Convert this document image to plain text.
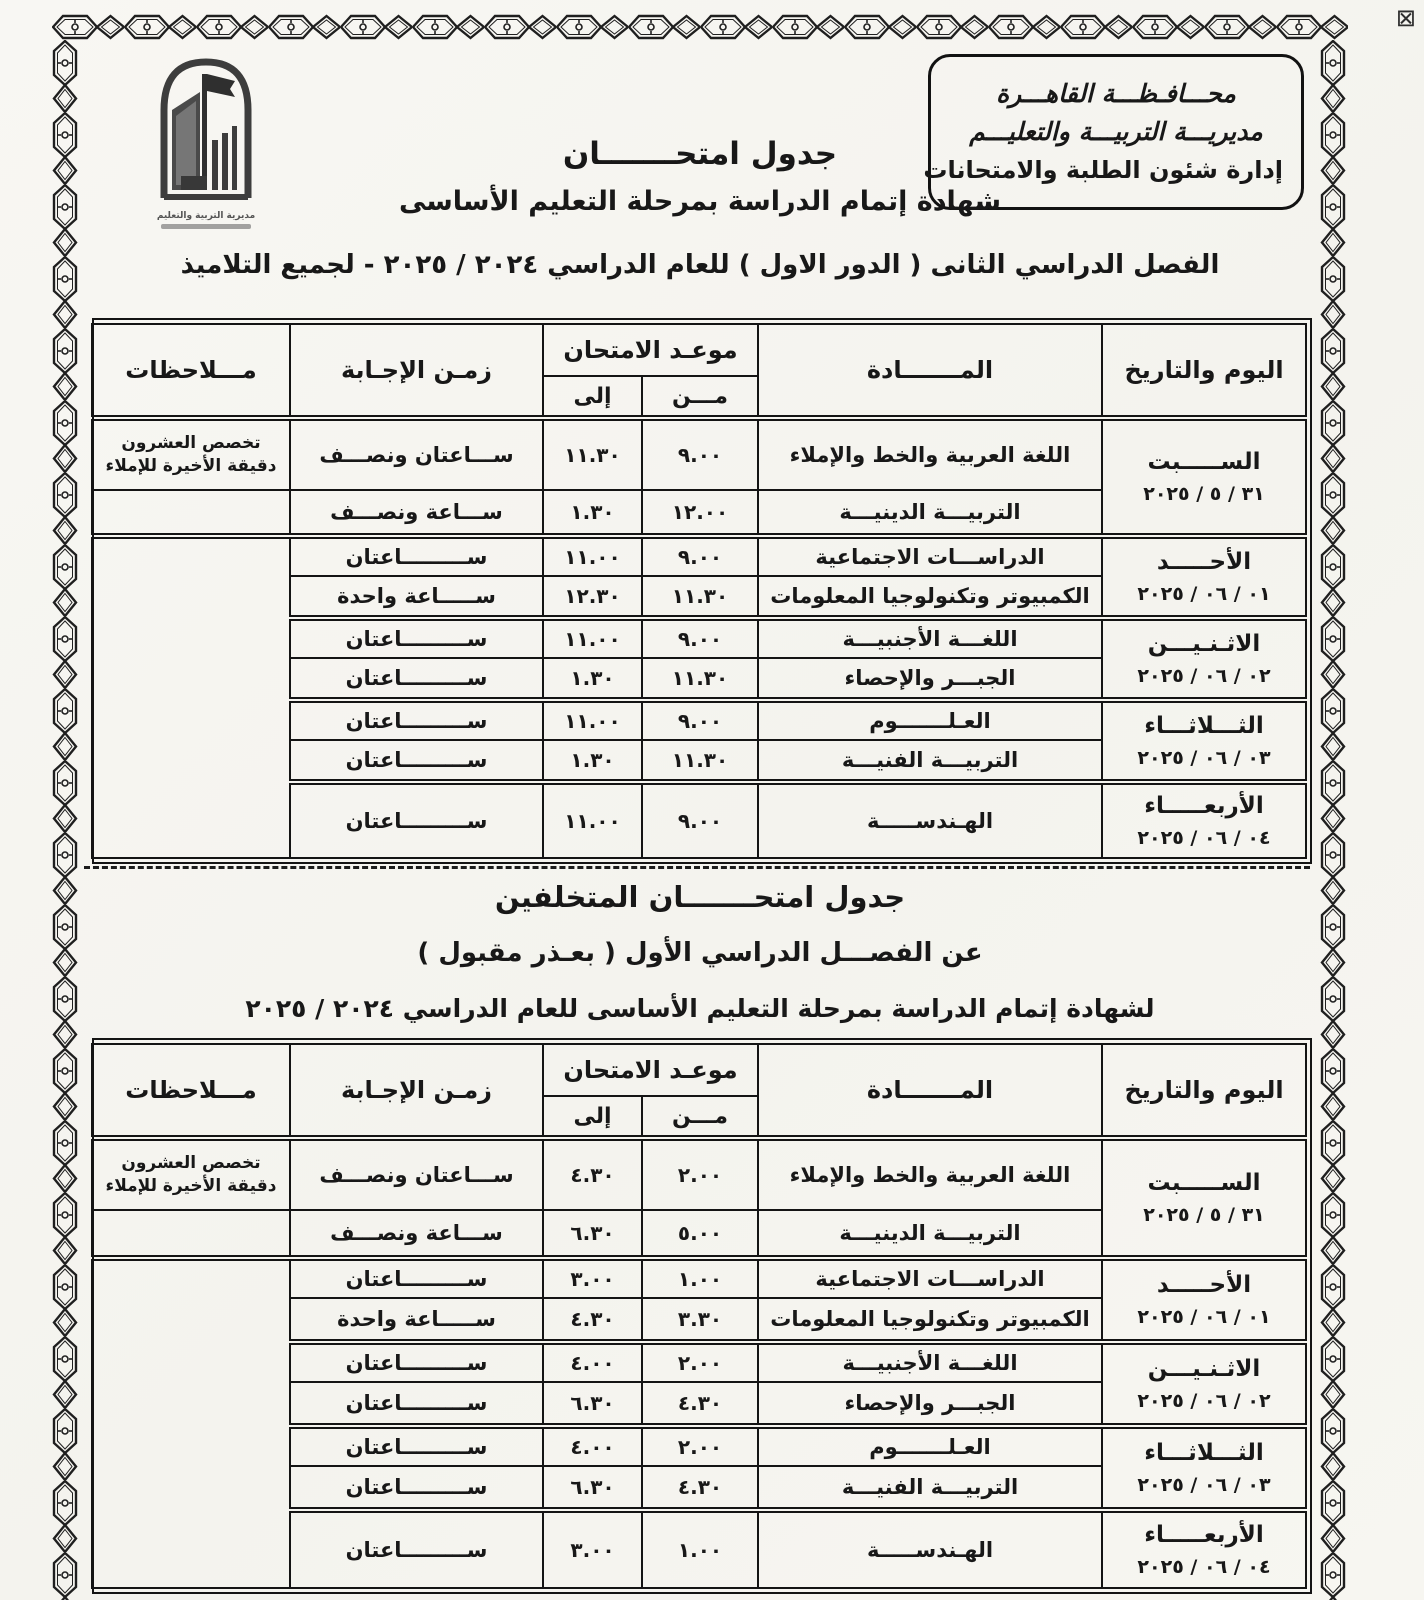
⊠
مديرية التربية والتعليم
محـــافـظـــة القاهـــرة
مديريـــة التربيـــة والتعليـــم
إدارة شئون الطلبة والامتحانات
جدول امتحـــــــان
شهادة إتمام الدراسة بمرحلة التعليم الأساسى
الفصل الدراسي الثانى ( الدور الاول ) للعام الدراسي ٢٠٢٤ / ٢٠٢٥ - لجميع التلاميذ
اليوم والتاريخ	المـــــــادة	موعـد الامتحان		زمـن الإجـابة	مـــلاحظات
		مـــن	إلى		

الســـــبت
٣١ / ٥ / ٢٠٢٥	اللغة العربية والخط والإملاء	٩.٠٠	١١.٣٠	ســـاعتان ونصـــف	تخصص العشرون دقيقة الأخيرة للإملاء
	التربيـــة الدينيـــة	١٢.٠٠	١.٣٠	ســـاعة ونصـــف	

الأحـــــد
٠١ / ٠٦ / ٢٠٢٥	الدراســـات الاجتماعية	٩.٠٠	١١.٠٠	ســـــــــاعتان	
	الكمبيوتر وتكنولوجيا المعلومات	١١.٣٠	١٢.٣٠	ســـــاعة واحدة	

الاثـنـيـــن
٠٢ / ٠٦ / ٢٠٢٥	اللغـــة الأجنبيـــة	٩.٠٠	١١.٠٠	ســـــــــاعتان	
	الجبـــر والإحصاء	١١.٣٠	١.٣٠	ســـــــــاعتان	

الثـــلاثـــاء
٠٣ / ٠٦ / ٢٠٢٥	العـلـــــــوم	٩.٠٠	١١.٠٠	ســـــــــاعتان	
	التربيـــة الفنيـــة	١١.٣٠	١.٣٠	ســـــــــاعتان	

الأربعـــــاء
٠٤ / ٠٦ / ٢٠٢٥	الهـندســـــة	٩.٠٠	١١.٠٠	ســـــــــاعتان	
جدول امتحـــــــان المتخلفين
عن الفصـــل الدراسي الأول ( بعـذر مقبول )
لشهادة إتمام الدراسة بمرحلة التعليم الأساسى للعام الدراسي ٢٠٢٤ / ٢٠٢٥
اليوم والتاريخ	المـــــــادة	موعـد الامتحان		زمـن الإجـابة	مـــلاحظات
		مـــن	إلى		

الســـــبت
٣١ / ٥ / ٢٠٢٥	اللغة العربية والخط والإملاء	٢.٠٠	٤.٣٠	ســـاعتان ونصـــف	تخصص العشرون دقيقة الأخيرة للإملاء
	التربيـــة الدينيـــة	٥.٠٠	٦.٣٠	ســـاعة ونصـــف	

الأحـــــد
٠١ / ٠٦ / ٢٠٢٥	الدراســـات الاجتماعية	١.٠٠	٣.٠٠	ســـــــــاعتان	
	الكمبيوتر وتكنولوجيا المعلومات	٣.٣٠	٤.٣٠	ســـــاعة واحدة	

الاثـنـيـــن
٠٢ / ٠٦ / ٢٠٢٥	اللغـــة الأجنبيـــة	٢.٠٠	٤.٠٠	ســـــــــاعتان	
	الجبـــر والإحصاء	٤.٣٠	٦.٣٠	ســـــــــاعتان	

الثـــلاثـــاء
٠٣ / ٠٦ / ٢٠٢٥	العـلـــــــوم	٢.٠٠	٤.٠٠	ســـــــــاعتان	
	التربيـــة الفنيـــة	٤.٣٠	٦.٣٠	ســـــــــاعتان	

الأربعـــــاء
٠٤ / ٠٦ / ٢٠٢٥	الهـندســـــة	١.٠٠	٣.٠٠	ســـــــــاعتان	
